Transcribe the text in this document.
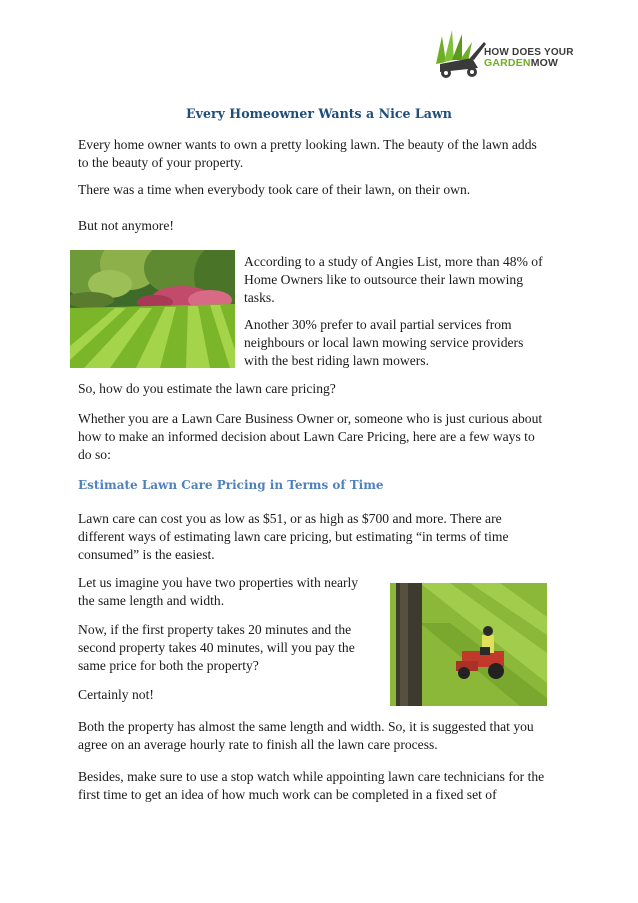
HOW DOES YOUR
GARDENMOW
Every Homeowner Wants a Nice Lawn

Every home owner wants to own a pretty looking lawn. The beauty of the lawn adds to the beauty of your property.

There was a time when everybody took care of their lawn, on their own.

But not anymore!

According to a study of Angies List, more than 48% of Home Owners like to outsource their lawn mowing tasks.

Another 30% prefer to avail partial services from neighbours or local lawn mowing service providers with the best riding lawn mowers.

So, how do you estimate the lawn care pricing?

Whether you are a Lawn Care Business Owner or, someone who is just curious about how to make an informed decision about Lawn Care Pricing, here are a few ways to do so:

Estimate Lawn Care Pricing in Terms of Time

Lawn care can cost you as low as $51, or as high as $700 and more. There are different ways of estimating lawn care pricing, but estimating “in terms of time consumed” is the easiest.

Let us imagine you have two properties with nearly the same length and width.

Now, if the first property takes 20 minutes and the second property takes 40 minutes, will you pay the same price for both the property?

Certainly not!

Both the property has almost the same length and width. So, it is suggested that you agree on an average hourly rate to finish all the lawn care process.

Besides, make sure to use a stop watch while appointing lawn care technicians for the first time to get an idea of how much work can be completed in a fixed set of
